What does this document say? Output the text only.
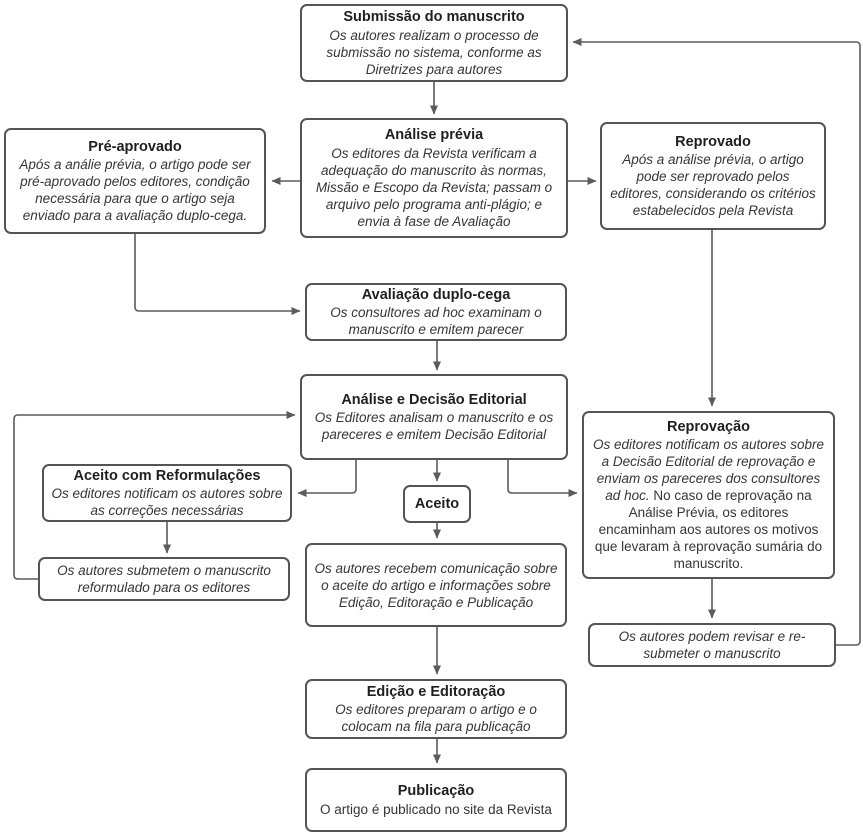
Submissão do manuscrito
Os autores realizam o processo de submissão no sistema, conforme as Diretrizes para autores
Análise prévia
Os editores da Revista verificam a adequação do manuscrito às normas, Missão e Escopo da Revista; passam o arquivo pelo programa anti-plágio; e envia à fase de Avaliação
Pré-aprovado
Após a análie prévia, o artigo pode ser pré-aprovado pelos editores, condição necessária para que o artigo seja enviado para a avaliação duplo-cega.
Reprovado
Após a análise prévia, o artigo pode ser reprovado pelos editores, considerando os critérios estabelecidos pela Revista
Avaliação duplo-cega
Os consultores ad hoc examinam o manuscrito e emitem parecer
Análise e Decisão Editorial
Os Editores analisam o manuscrito e os pareceres e emitem Decisão Editorial
Aceito com Reformulações
Os editores notificam os autores sobre as correções necessárias
Os autores submetem o manuscrito reformulado para os editores
Aceito
Reprovação
Os editores notificam os autores sobre a Decisão Editorial de reprovação e enviam os pareceres dos consultores ad hoc. No caso de reprovação na Análise Prévia, os editores encaminham aos autores os motivos que levaram à reprovação sumária do manuscrito.
Os autores recebem comunicação sobre o aceite do artigo e informações sobre Edição, Editoração e Publicação
Os autores podem revisar e re-submeter o manuscrito
Edição e Editoração
Os editores preparam o artigo e o colocam na fila para publicação
Publicação
O artigo é publicado no site da Revista
